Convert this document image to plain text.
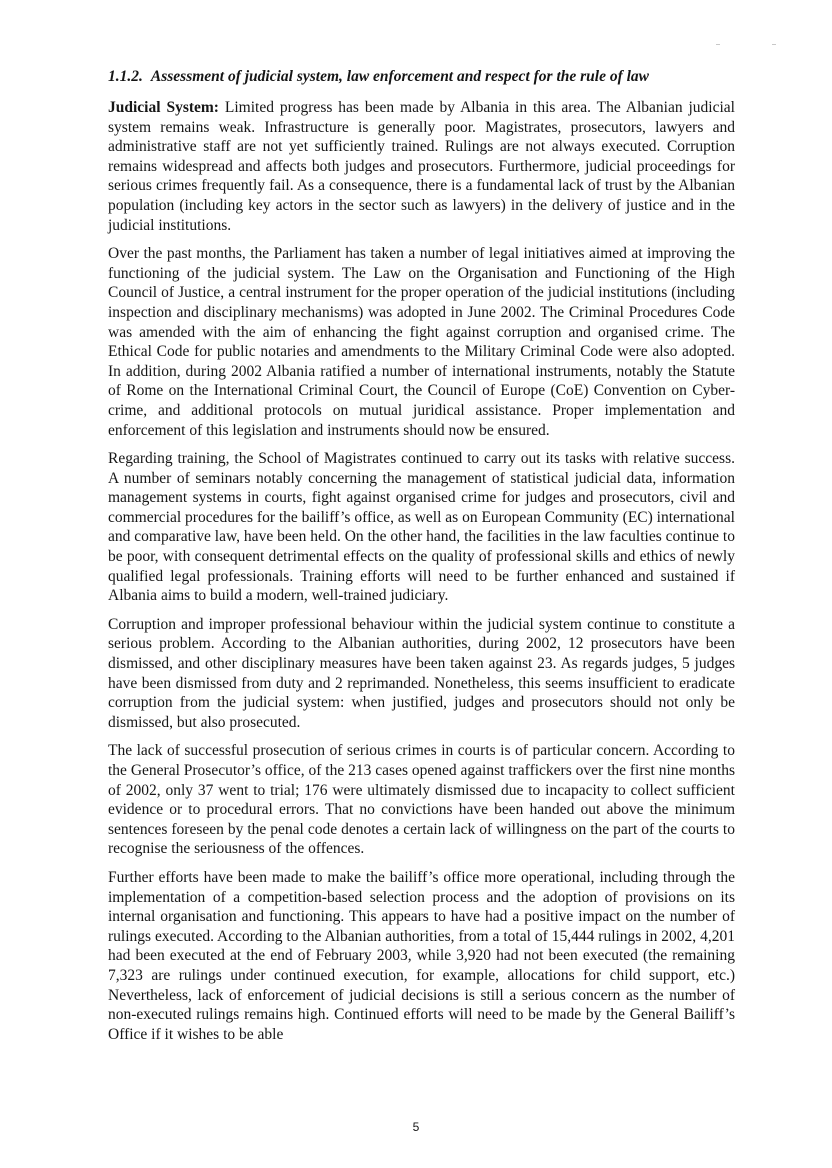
1.1.2. Assessment of judicial system, law enforcement and respect for the rule of law

Judicial System: Limited progress has been made by Albania in this area. The Albanian judicial system remains weak. Infrastructure is generally poor. Magistrates, prosecutors, lawyers and administrative staff are not yet sufficiently trained. Rulings are not always executed. Corruption remains widespread and affects both judges and prosecutors. Furthermore, judicial proceedings for serious crimes frequently fail. As a consequence, there is a fundamental lack of trust by the Albanian population (including key actors in the sector such as lawyers) in the delivery of justice and in the judicial institutions.

Over the past months, the Parliament has taken a number of legal initiatives aimed at improving the functioning of the judicial system. The Law on the Organisation and Functioning of the High Council of Justice, a central instrument for the proper operation of the judicial institutions (including inspection and disciplinary mechanisms) was adopted in June 2002. The Criminal Procedures Code was amended with the aim of enhancing the fight against corruption and organised crime. The Ethical Code for public notaries and amendments to the Military Criminal Code were also adopted. In addition, during 2002 Albania ratified a number of international instruments, notably the Statute of Rome on the International Criminal Court, the Council of Europe (CoE) Convention on Cyber-crime, and additional protocols on mutual juridical assistance. Proper implementation and enforcement of this legislation and instruments should now be ensured.

Regarding training, the School of Magistrates continued to carry out its tasks with relative success. A number of seminars notably concerning the management of statistical judicial data, information management systems in courts, fight against organised crime for judges and prosecutors, civil and commercial procedures for the bailiff’s office, as well as on European Community (EC) international and comparative law, have been held. On the other hand, the facilities in the law faculties continue to be poor, with consequent detrimental effects on the quality of professional skills and ethics of newly qualified legal professionals. Training efforts will need to be further enhanced and sustained if Albania aims to build a modern, well-trained judiciary.

Corruption and improper professional behaviour within the judicial system continue to constitute a serious problem. According to the Albanian authorities, during 2002, 12 prosecutors have been dismissed, and other disciplinary measures have been taken against 23. As regards judges, 5 judges have been dismissed from duty and 2 reprimanded. Nonetheless, this seems insufficient to eradicate corruption from the judicial system: when justified, judges and prosecutors should not only be dismissed, but also prosecuted.

The lack of successful prosecution of serious crimes in courts is of particular concern. According to the General Prosecutor’s office, of the 213 cases opened against traffickers over the first nine months of 2002, only 37 went to trial; 176 were ultimately dismissed due to incapacity to collect sufficient evidence or to procedural errors. That no convictions have been handed out above the minimum sentences foreseen by the penal code denotes a certain lack of willingness on the part of the courts to recognise the seriousness of the offences.

Further efforts have been made to make the bailiff’s office more operational, including through the implementation of a competition-based selection process and the adoption of provisions on its internal organisation and functioning. This appears to have had a positive impact on the number of rulings executed. According to the Albanian authorities, from a total of 15,444 rulings in 2002, 4,201 had been executed at the end of February 2003, while 3,920 had not been executed (the remaining 7,323 are rulings under continued execution, for example, allocations for child support, etc.) Nevertheless, lack of enforcement of judicial decisions is still a serious concern as the number of non-executed rulings remains high. Continued efforts will need to be made by the General Bailiff’s Office if it wishes to be able

5
